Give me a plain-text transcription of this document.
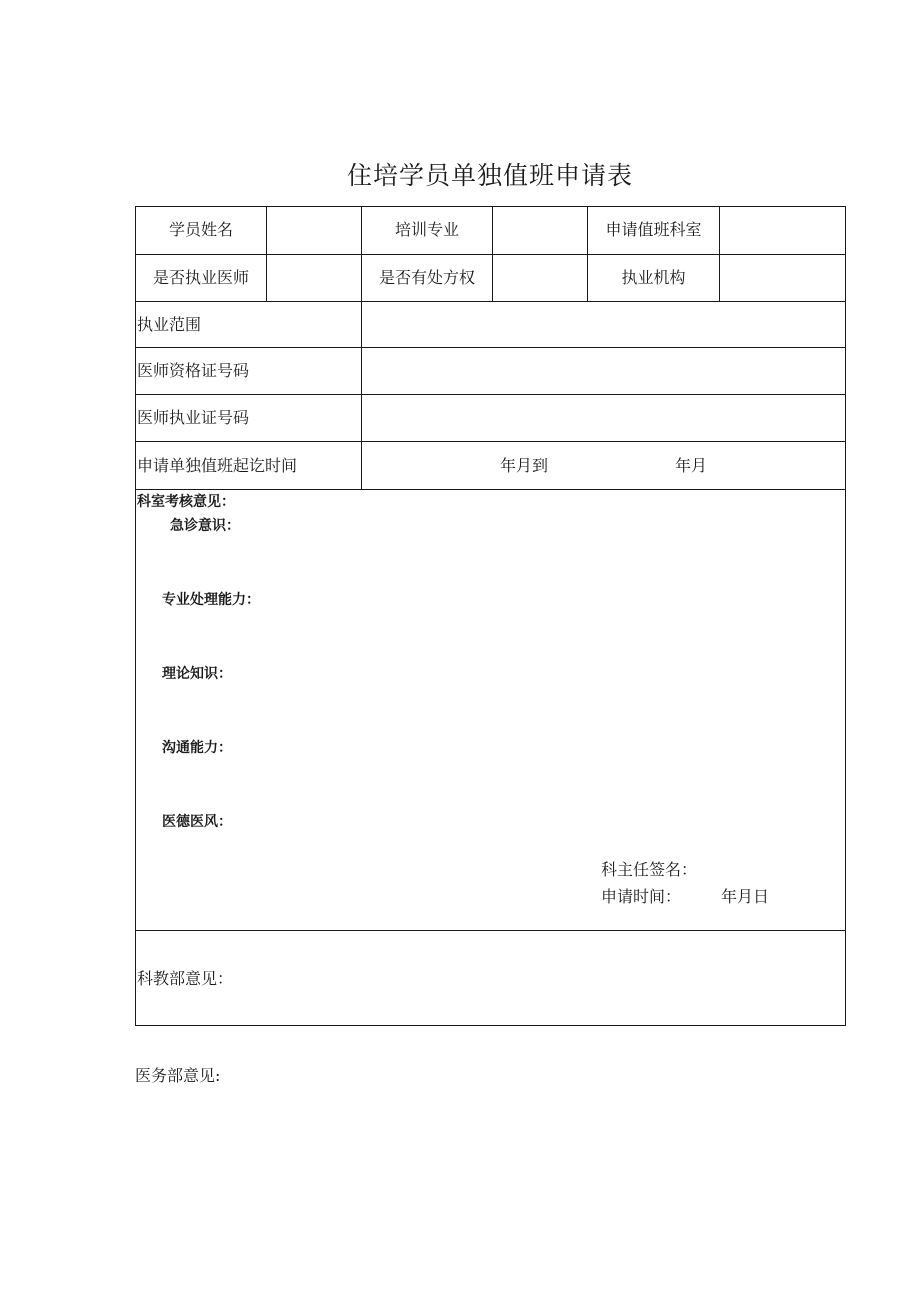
住培学员单独值班申请表
学员姓名	培训专业	申请值班科室
是否执业医师	是否有处方权	执业机构
执业范围
医师资格证号码
医师执业证号码
申请单独值班起讫时间	年月到	年月
科室考核意见：
急诊意识：
专业处理能力：
理论知识：
沟通能力：
医德医风：
科主任签名：
申请时间： 年月日
科教部意见：
医务部意见:
